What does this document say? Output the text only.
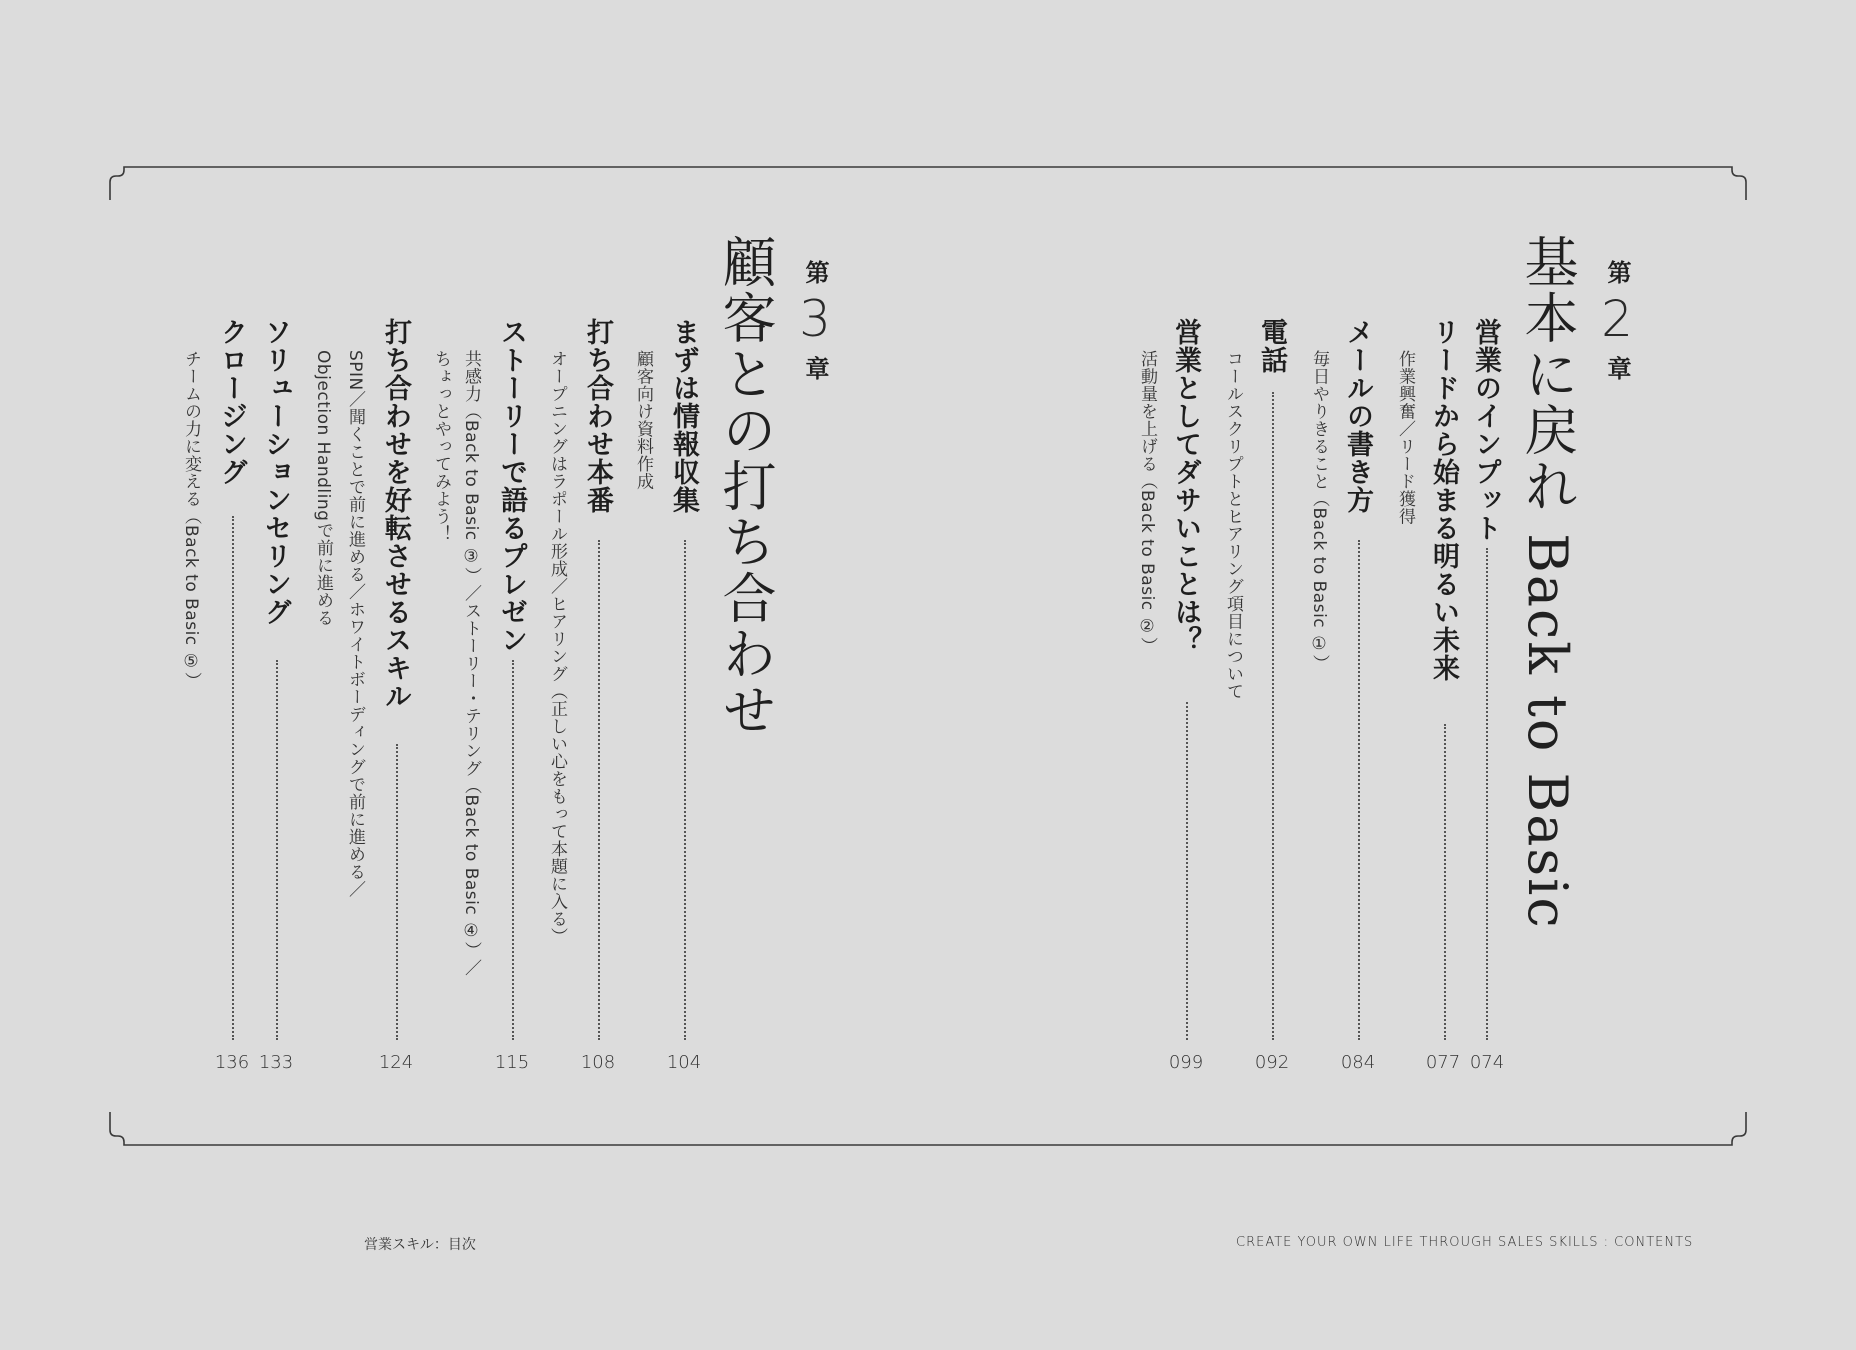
第2章
基本に戻れ Back to Basic
営業のインプット
074
リードから始まる明るい未来
作業興奮／リード獲得
077
メールの書き方
毎日やりきること（Back to Basic ①）
084
電話
コールスクリプトとヒアリング項目について
092
営業としてダサいことは？
活動量を上げる（Back to Basic ②）
099
第3章
顧客との打ち合わせ
まずは情報収集
顧客向け資料作成
104
打ち合わせ本番
オープニングはラポール形成／ヒアリング（正しい心をもって本題に入る）
108
ストーリーで語るプレゼン
共感力（Back to Basic ③）／ストーリー・テリング（Back to Basic ④）／
ちょっとやってみよう！
115
打ち合わせを好転させるスキル
SPIN／聞くことで前に進める／ホワイトボーディングで前に進める／
Objection Handlingで前に進める
124
ソリューションセリング
133
クロージング
チームの力に変える（Back to Basic ⑤）
136
営業スキル：目次	CREATE YOUR OWN LIFE THROUGH SALES SKILLS : CONTENTS
